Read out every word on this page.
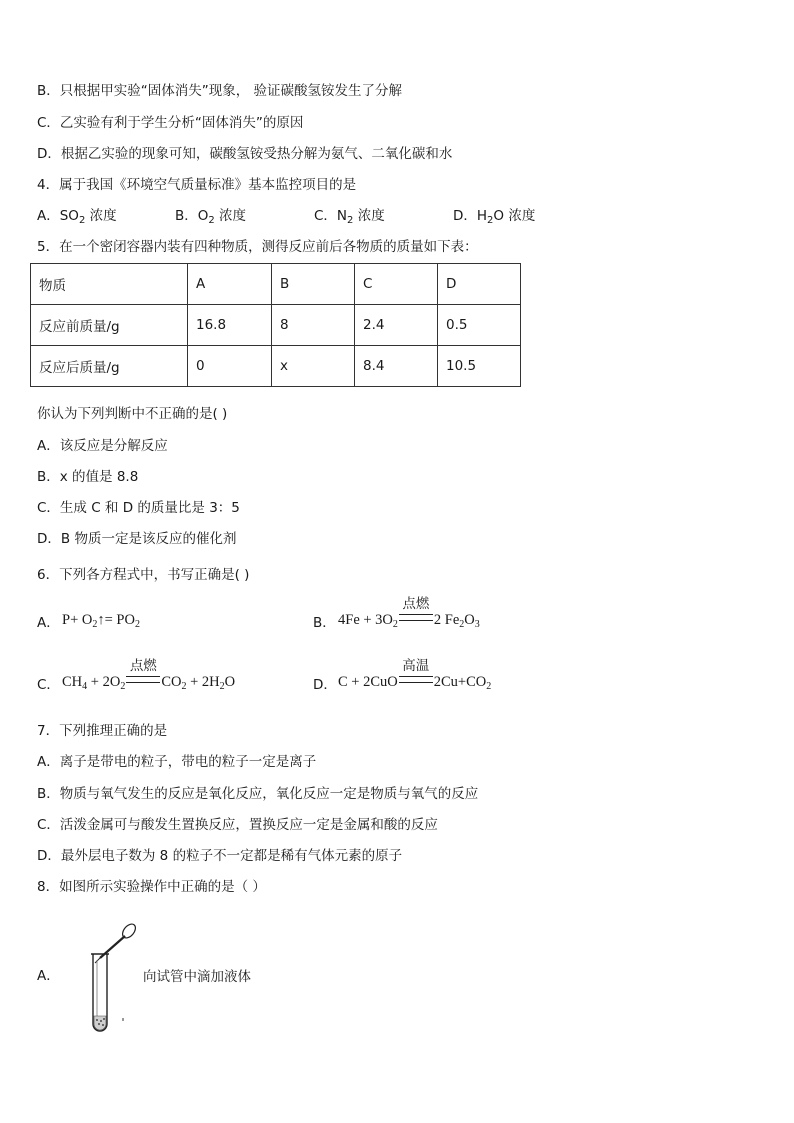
B．只根据甲实验“固体消失”现象， 验证碳酸氢铵发生了分解
C．乙实验有利于学生分析“固体消失”的原因
D．根据乙实验的现象可知，碳酸氢铵受热分解为氨气、二氧化碳和水
4．属于我国《环境空气质量标准》基本监控项目的是
A．$SO_2$ 浓度	B．$O_2$ 浓度	C．$N_2$ 浓度	D．$H_2O$ 浓度
5．在一个密闭容器内装有四种物质，测得反应前后各物质的质量如下表：
物质	A	B	C	D
反应前质量/g	16.8	8	2.4	0.5
反应后质量/g	0	x	8.4	10.5
你认为下列判断中不正确的是( )
A．该反应是分解反应
B．x 的值是 8.8
C．生成 C 和 D 的质量比是 3：5
D．B 物质一定是该反应的催化剂
6．下列各方程式中，书写正确是( )
A． $P+ O_2↑= PO_2$	B． $4Fe + 3O_2$
点燃
2 $Fe_2O_3$
C． $CH_4 + 2O_2$
点燃
$CO_2 + 2H_2O$	D． C + 2CuO
高温
$2Cu+CO_2$
7．下列推理正确的是
A．离子是带电的粒子，带电的粒子一定是离子
B．物质与氧气发生的反应是氧化反应，氧化反应一定是物质与氧气的反应
C．活泼金属可与酸发生置换反应，置换反应一定是金属和酸的反应
D．最外层电子数为 8 的粒子不一定都是稀有气体元素的原子
8．如图所示实验操作中正确的是（ ）
A．	向试管中滴加液体
